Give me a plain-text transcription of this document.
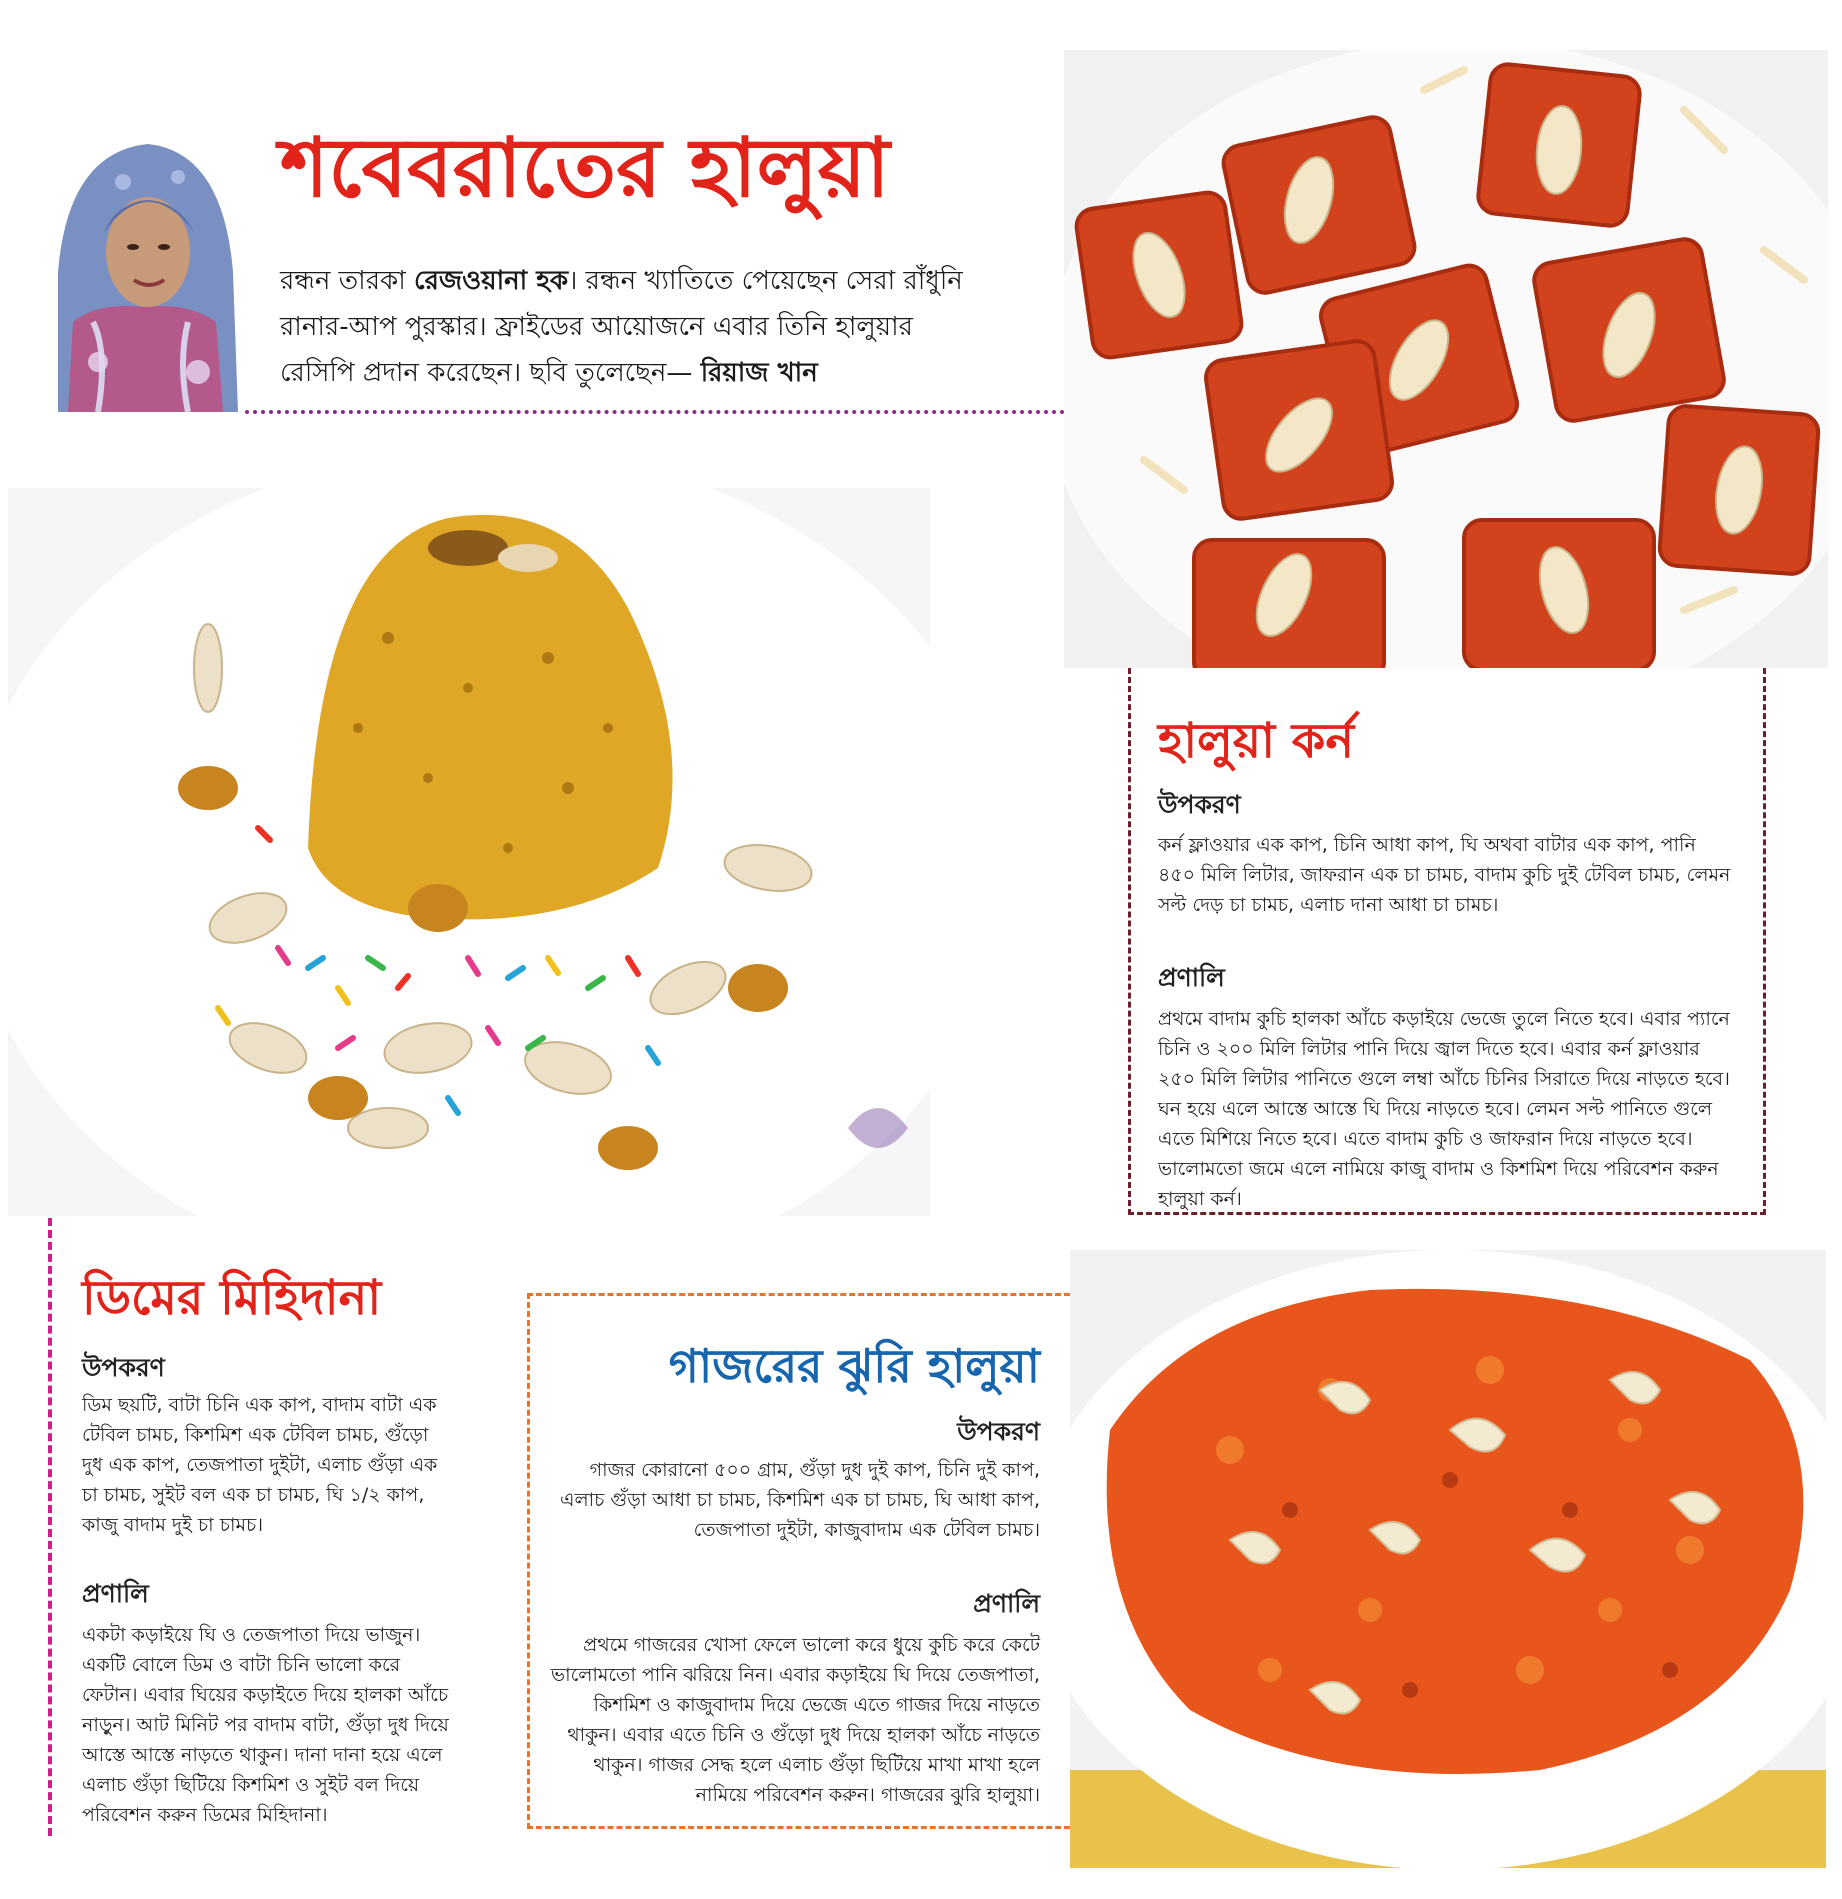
শবেবরাতের হালুয়া
রন্ধন তারকা রেজওয়ানা হক। রন্ধন খ্যাতিতে পেয়েছেন সেরা রাঁধুনি রানার-আপ পুরস্কার। ফ্রাইডের আয়োজনে এবার তিনি হালুয়ার রেসিপি প্রদান করেছেন। ছবি তুলেছেন— রিয়াজ খান
হালুয়া কর্ন
উপকরণ
কর্ন ফ্লাওয়ার এক কাপ, চিনি আধা কাপ, ঘি অথবা বাটার এক কাপ, পানি ৪৫০ মিলি লিটার, জাফরান এক চা চামচ, বাদাম কুচি দুই টেবিল চামচ, লেমন সল্ট দেড় চা চামচ, এলাচ দানা আধা চা চামচ।
প্রণালি
প্রথমে বাদাম কুচি হালকা আঁচে কড়াইয়ে ভেজে তুলে নিতে হবে। এবার প্যানে চিনি ও ২০০ মিলি লিটার পানি দিয়ে জ্বাল দিতে হবে। এবার কর্ন ফ্লাওয়ার ২৫০ মিলি লিটার পানিতে গুলে লম্বা আঁচে চিনির সিরাতে দিয়ে নাড়তে হবে। ঘন হয়ে এলে আস্তে আস্তে ঘি দিয়ে নাড়তে হবে। লেমন সল্ট পানিতে গুলে এতে মিশিয়ে নিতে হবে। এতে বাদাম কুচি ও জাফরান দিয়ে নাড়তে হবে। ভালোমতো জমে এলে নামিয়ে কাজু বাদাম ও কিশমিশ দিয়ে পরিবেশন করুন হালুয়া কর্ন।
ডিমের মিহিদানা
উপকরণ
ডিম ছয়টি, বাটা চিনি এক কাপ, বাদাম বাটা এক টেবিল চামচ, কিশমিশ এক টেবিল চামচ, গুঁড়ো দুধ এক কাপ, তেজপাতা দুইটা, এলাচ গুঁড়া এক চা চামচ, সুইট বল এক চা চামচ, ঘি ১/২ কাপ, কাজু বাদাম দুই চা চামচ।
প্রণালি
একটা কড়াইয়ে ঘি ও তেজপাতা দিয়ে ভাজুন। একটি বোলে ডিম ও বাটা চিনি ভালো করে ফেটান। এবার ঘিয়ের কড়াইতে দিয়ে হালকা আঁচে নাড়ুন। আট মিনিট পর বাদাম বাটা, গুঁড়া দুধ দিয়ে আস্তে আস্তে নাড়তে থাকুন। দানা দানা হয়ে এলে এলাচ গুঁড়া ছিটিয়ে কিশমিশ ও সুইট বল দিয়ে পরিবেশন করুন ডিমের মিহিদানা।
গাজরের ঝুরি হালুয়া
উপকরণ
গাজর কোরানো ৫০০ গ্রাম, গুঁড়া দুধ দুই কাপ, চিনি দুই কাপ, এলাচ গুঁড়া আধা চা চামচ, কিশমিশ এক চা চামচ, ঘি আধা কাপ, তেজপাতা দুইটা, কাজুবাদাম এক টেবিল চামচ।
প্রণালি
প্রথমে গাজরের খোসা ফেলে ভালো করে ধুয়ে কুচি করে কেটে ভালোমতো পানি ঝরিয়ে নিন। এবার কড়াইয়ে ঘি দিয়ে তেজপাতা, কিশমিশ ও কাজুবাদাম দিয়ে ভেজে এতে গাজর দিয়ে নাড়তে থাকুন। এবার এতে চিনি ও গুঁড়ো দুধ দিয়ে হালকা আঁচে নাড়তে থাকুন। গাজর সেদ্ধ হলে এলাচ গুঁড়া ছিটিয়ে মাখা মাখা হলে নামিয়ে পরিবেশন করুন। গাজরের ঝুরি হালুয়া।
